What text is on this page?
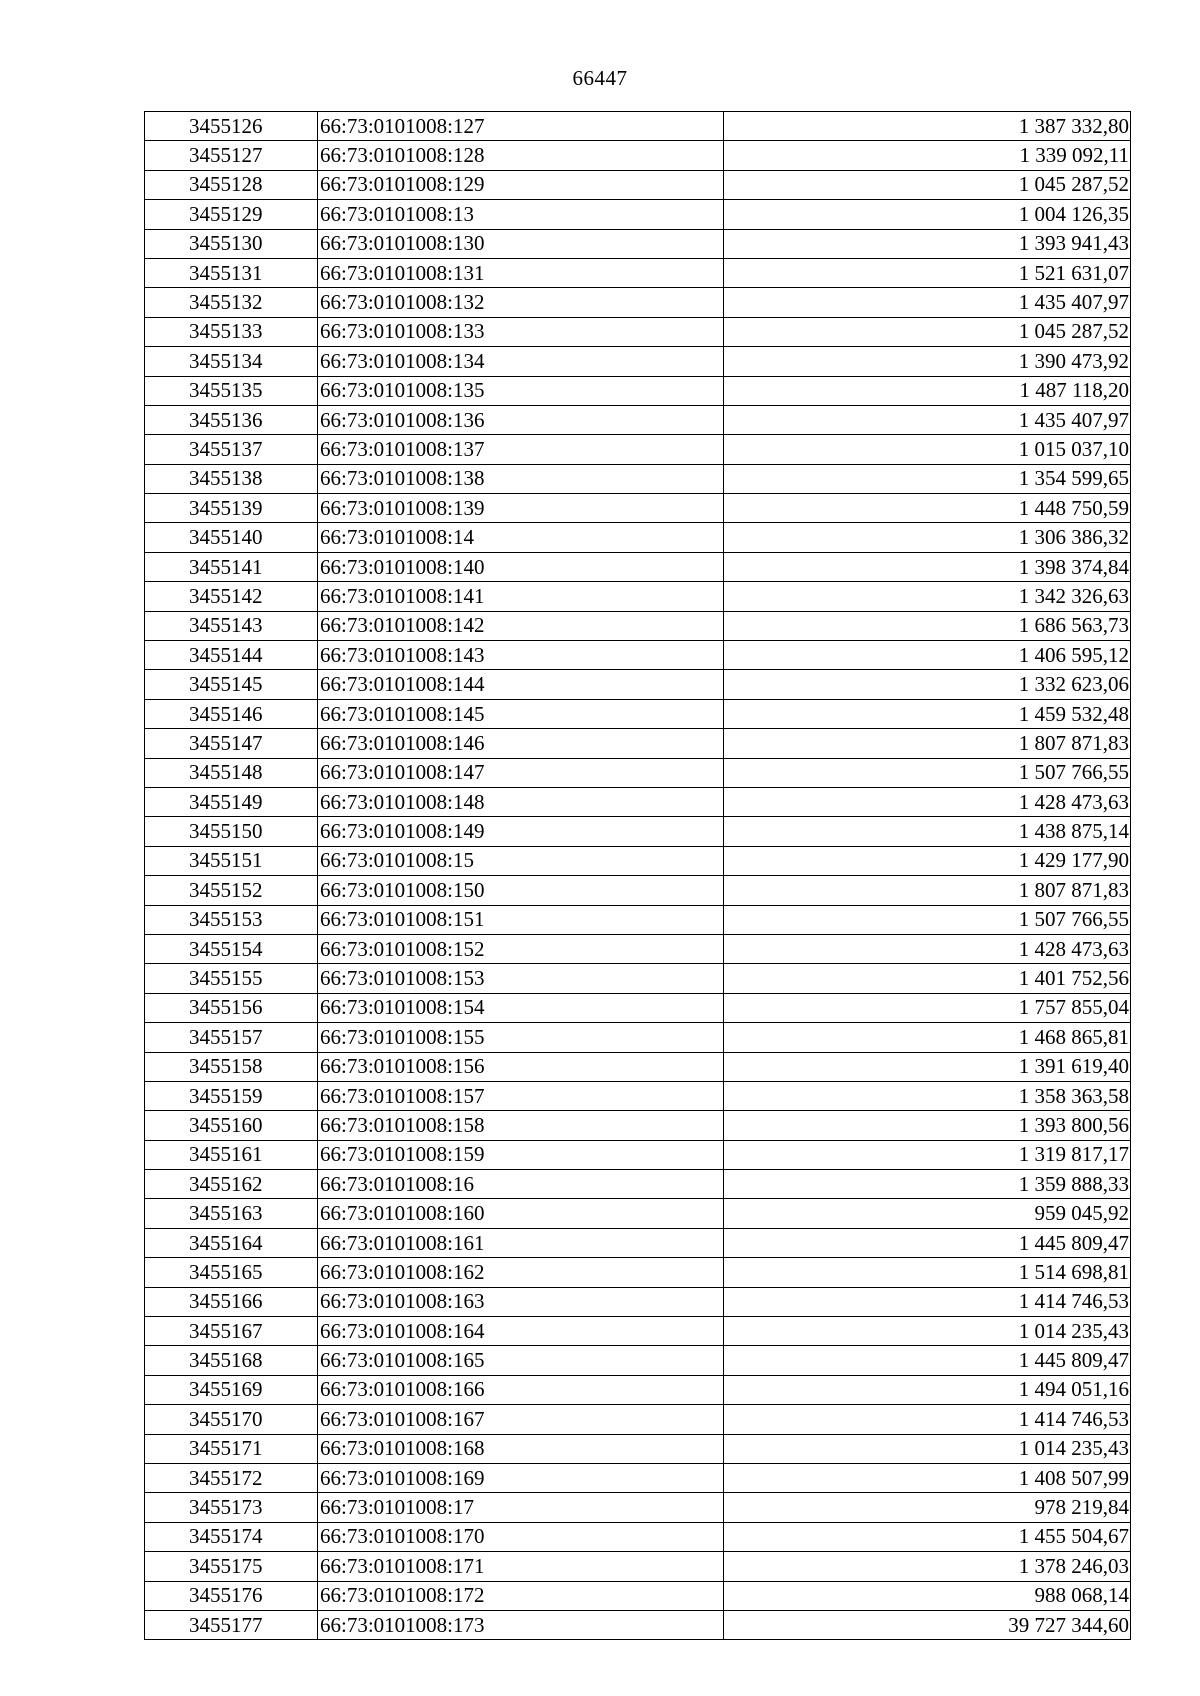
66447
3455126	66:73:0101008:127	1 387 332,80
3455127	66:73:0101008:128	1 339 092,11
3455128	66:73:0101008:129	1 045 287,52
3455129	66:73:0101008:13	1 004 126,35
3455130	66:73:0101008:130	1 393 941,43
3455131	66:73:0101008:131	1 521 631,07
3455132	66:73:0101008:132	1 435 407,97
3455133	66:73:0101008:133	1 045 287,52
3455134	66:73:0101008:134	1 390 473,92
3455135	66:73:0101008:135	1 487 118,20
3455136	66:73:0101008:136	1 435 407,97
3455137	66:73:0101008:137	1 015 037,10
3455138	66:73:0101008:138	1 354 599,65
3455139	66:73:0101008:139	1 448 750,59
3455140	66:73:0101008:14	1 306 386,32
3455141	66:73:0101008:140	1 398 374,84
3455142	66:73:0101008:141	1 342 326,63
3455143	66:73:0101008:142	1 686 563,73
3455144	66:73:0101008:143	1 406 595,12
3455145	66:73:0101008:144	1 332 623,06
3455146	66:73:0101008:145	1 459 532,48
3455147	66:73:0101008:146	1 807 871,83
3455148	66:73:0101008:147	1 507 766,55
3455149	66:73:0101008:148	1 428 473,63
3455150	66:73:0101008:149	1 438 875,14
3455151	66:73:0101008:15	1 429 177,90
3455152	66:73:0101008:150	1 807 871,83
3455153	66:73:0101008:151	1 507 766,55
3455154	66:73:0101008:152	1 428 473,63
3455155	66:73:0101008:153	1 401 752,56
3455156	66:73:0101008:154	1 757 855,04
3455157	66:73:0101008:155	1 468 865,81
3455158	66:73:0101008:156	1 391 619,40
3455159	66:73:0101008:157	1 358 363,58
3455160	66:73:0101008:158	1 393 800,56
3455161	66:73:0101008:159	1 319 817,17
3455162	66:73:0101008:16	1 359 888,33
3455163	66:73:0101008:160	959 045,92
3455164	66:73:0101008:161	1 445 809,47
3455165	66:73:0101008:162	1 514 698,81
3455166	66:73:0101008:163	1 414 746,53
3455167	66:73:0101008:164	1 014 235,43
3455168	66:73:0101008:165	1 445 809,47
3455169	66:73:0101008:166	1 494 051,16
3455170	66:73:0101008:167	1 414 746,53
3455171	66:73:0101008:168	1 014 235,43
3455172	66:73:0101008:169	1 408 507,99
3455173	66:73:0101008:17	978 219,84
3455174	66:73:0101008:170	1 455 504,67
3455175	66:73:0101008:171	1 378 246,03
3455176	66:73:0101008:172	988 068,14
3455177	66:73:0101008:173	39 727 344,60
